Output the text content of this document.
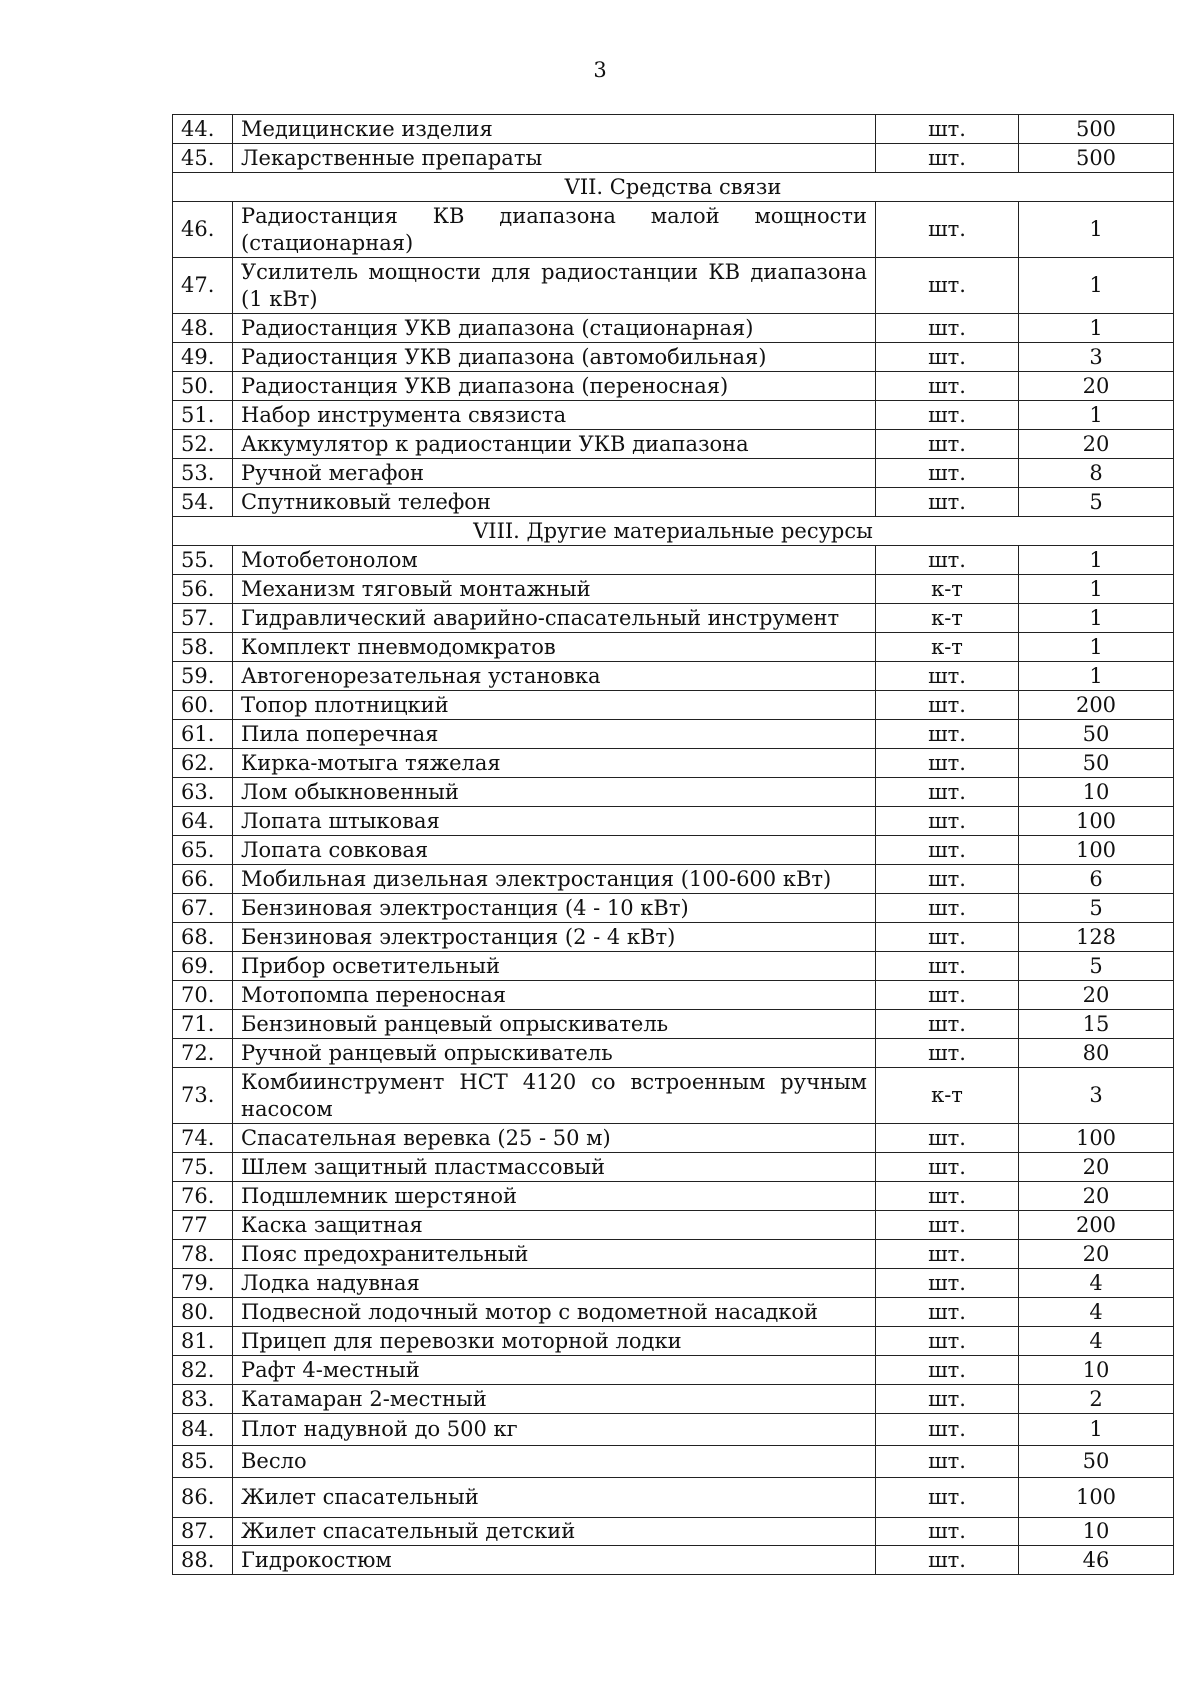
3
44.	Медицинские изделия	шт.	500
45.	Лекарственные препараты	шт.	500
VII. Средства связи			
46.	Радиостанция КВ диапазона малой мощности (стационарная)	шт.	1
47.	Усилитель мощности для радиостанции КВ диапазона (1 кВт)	шт.	1
48.	Радиостанция УКВ диапазона (стационарная)	шт.	1
49.	Радиостанция УКВ диапазона (автомобильная)	шт.	3
50.	Радиостанция УКВ диапазона (переносная)	шт.	20
51.	Набор инструмента связиста	шт.	1
52.	Аккумулятор к радиостанции УКВ диапазона	шт.	20
53.	Ручной мегафон	шт.	8
54.	Спутниковый телефон	шт.	5
VIII. Другие материальные ресурсы			
55.	Мотобетонолом	шт.	1
56.	Механизм тяговый монтажный	к-т	1
57.	Гидравлический аварийно-спасательный инструмент	к-т	1
58.	Комплект пневмодомкратов	к-т	1
59.	Автогенорезательная установка	шт.	1
60.	Топор плотницкий	шт.	200
61.	Пила поперечная	шт.	50
62.	Кирка-мотыга тяжелая	шт.	50
63.	Лом обыкновенный	шт.	10
64.	Лопата штыковая	шт.	100
65.	Лопата совковая	шт.	100
66.	Мобильная дизельная электростанция (100-600 кВт)	шт.	6
67.	Бензиновая электростанция (4 - 10 кВт)	шт.	5
68.	Бензиновая электростанция (2 - 4 кВт)	шт.	128
69.	Прибор осветительный	шт.	5
70.	Мотопомпа переносная	шт.	20
71.	Бензиновый ранцевый опрыскиватель	шт.	15
72.	Ручной ранцевый опрыскиватель	шт.	80
73.	Комбиинструмент НСТ 4120 со встроенным ручным насосом	к-т	3
74.	Спасательная веревка (25 - 50 м)	шт.	100
75.	Шлем защитный пластмассовый	шт.	20
76.	Подшлемник шерстяной	шт.	20
77	Каска защитная	шт.	200
78.	Пояс предохранительный	шт.	20
79.	Лодка надувная	шт.	4
80.	Подвесной лодочный мотор с водометной насадкой	шт.	4
81.	Прицеп для перевозки моторной лодки	шт.	4
82.	Рафт 4-местный	шт.	10
83.	Катамаран 2-местный	шт.	2
84.	Плот надувной до 500 кг	шт.	1
85.	Весло	шт.	50
86.	Жилет спасательный	шт.	100
87.	Жилет спасательный детский	шт.	10
88.	Гидрокостюм	шт.	46
